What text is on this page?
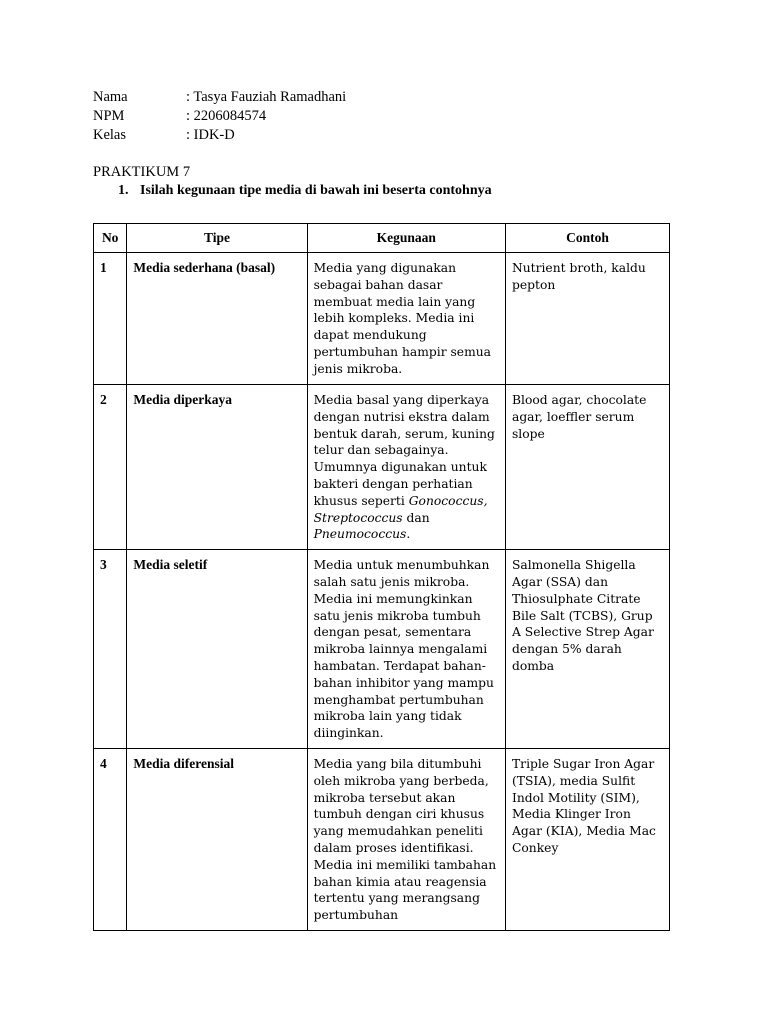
Nama	: Tasya Fauziah Ramadhani
NPM	: 2206084574
Kelas	: IDK-D
PRAKTIKUM 7
1. Isilah kegunaan tipe media di bawah ini beserta contohnya
No	Tipe	Kegunaan	Contoh
1	Media sederhana (basal)	Media yang digunakan sebagai bahan dasar membuat media lain yang lebih kompleks. Media ini dapat mendukung pertumbuhan hampir semua jenis mikroba.	Nutrient broth, kaldu pepton
2	Media diperkaya	Media basal yang diperkaya dengan nutrisi ekstra dalam bentuk darah, serum, kuning telur dan sebagainya. Umumnya digunakan untuk bakteri dengan perhatian khusus seperti Gonococcus, Streptococcus dan Pneumococcus.	Blood agar, chocolate agar, loeffler serum slope
3	Media seletif	Media untuk menumbuhkan salah satu jenis mikroba. Media ini memungkinkan satu jenis mikroba tumbuh dengan pesat, sementara mikroba lainnya mengalami hambatan. Terdapat bahan-bahan inhibitor yang mampu menghambat pertumbuhan mikroba lain yang tidak diinginkan.	Salmonella Shigella Agar (SSA) dan Thiosulphate Citrate Bile Salt (TCBS), Grup A Selective Strep Agar dengan 5% darah domba
4	Media diferensial	Media yang bila ditumbuhi oleh mikroba yang berbeda, mikroba tersebut akan tumbuh dengan ciri khusus yang memudahkan peneliti dalam proses identifikasi. Media ini memiliki tambahan bahan kimia atau reagensia tertentu yang merangsang pertumbuhan	Triple Sugar Iron Agar (TSIA), media Sulfit Indol Motility (SIM), Media Klinger Iron Agar (KIA), Media Mac Conkey
